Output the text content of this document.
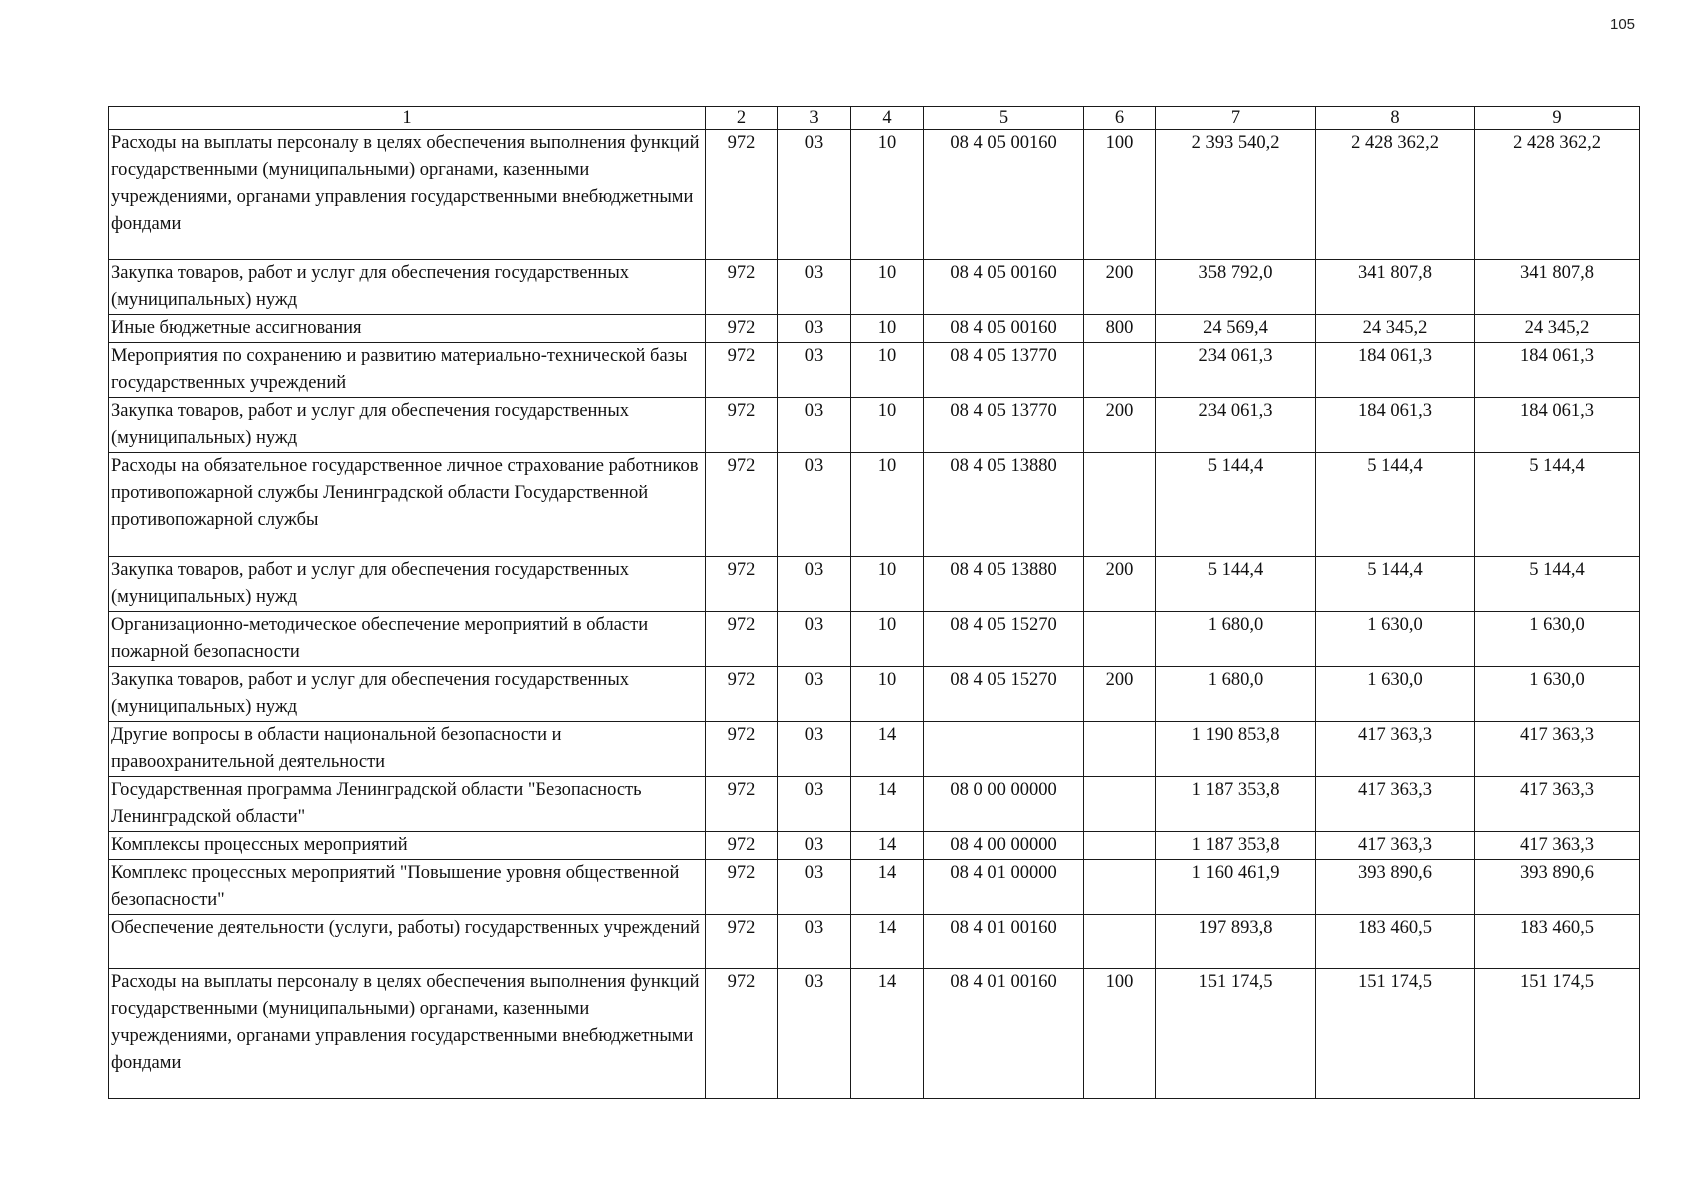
105
1	2	3	4	5	6	7	8	9
Расходы на выплаты персоналу в целях обеспечения выполнения функций государственными (муниципальными) органами, казенными учреждениями, органами управления государственными внебюджетными фондами	972	03	10	08 4 05 00160	100	2 393 540,2	2 428 362,2	2 428 362,2
Закупка товаров, работ и услуг для обеспечения государственных (муниципальных) нужд	972	03	10	08 4 05 00160	200	358 792,0	341 807,8	341 807,8
Иные бюджетные ассигнования	972	03	10	08 4 05 00160	800	24 569,4	24 345,2	24 345,2
Мероприятия по сохранению и развитию материально-технической базы государственных учреждений	972	03	10	08 4 05 13770		234 061,3	184 061,3	184 061,3
Закупка товаров, работ и услуг для обеспечения государственных (муниципальных) нужд	972	03	10	08 4 05 13770	200	234 061,3	184 061,3	184 061,3
Расходы на обязательное государственное личное страхование работников противопожарной службы Ленинградской области Государственной противопожарной службы	972	03	10	08 4 05 13880		5 144,4	5 144,4	5 144,4
Закупка товаров, работ и услуг для обеспечения государственных (муниципальных) нужд	972	03	10	08 4 05 13880	200	5 144,4	5 144,4	5 144,4
Организационно-методическое обеспечение мероприятий в области пожарной безопасности	972	03	10	08 4 05 15270		1 680,0	1 630,0	1 630,0
Закупка товаров, работ и услуг для обеспечения государственных (муниципальных) нужд	972	03	10	08 4 05 15270	200	1 680,0	1 630,0	1 630,0
Другие вопросы в области национальной безопасности и правоохранительной деятельности	972	03	14			1 190 853,8	417 363,3	417 363,3
Государственная программа Ленинградской области "Безопасность Ленинградской области"	972	03	14	08 0 00 00000		1 187 353,8	417 363,3	417 363,3
Комплексы процессных мероприятий	972	03	14	08 4 00 00000		1 187 353,8	417 363,3	417 363,3
Комплекс процессных мероприятий "Повышение уровня общественной безопасности"	972	03	14	08 4 01 00000		1 160 461,9	393 890,6	393 890,6
Обеспечение деятельности (услуги, работы) государственных учреждений	972	03	14	08 4 01 00160		197 893,8	183 460,5	183 460,5
Расходы на выплаты персоналу в целях обеспечения выполнения функций государственными (муниципальными) органами, казенными учреждениями, органами управления государственными внебюджетными фондами	972	03	14	08 4 01 00160	100	151 174,5	151 174,5	151 174,5
